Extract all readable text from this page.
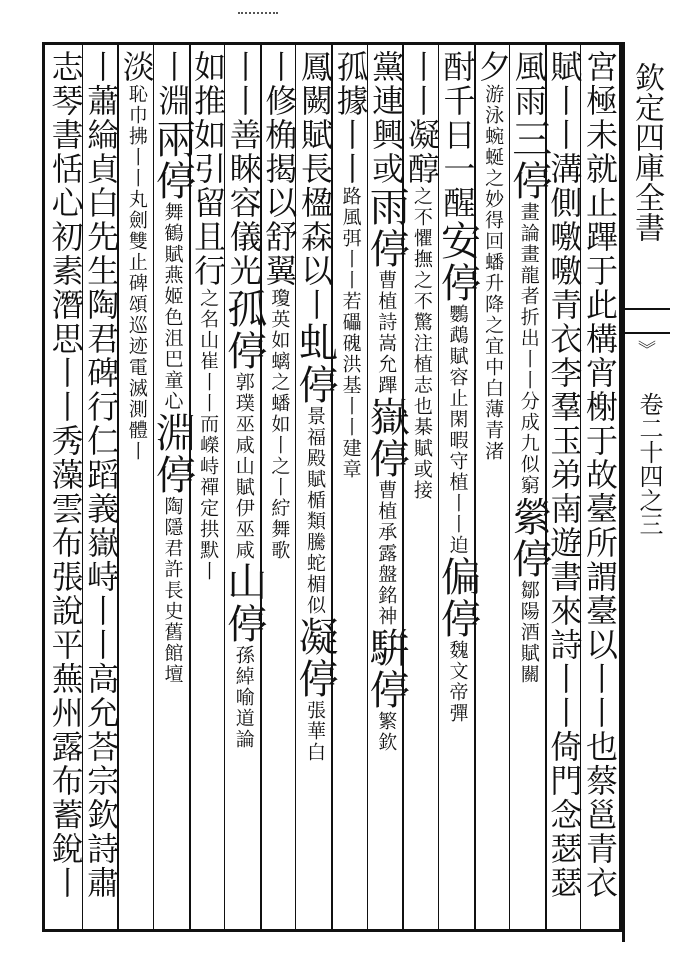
欽定四庫全書
︾
卷二十四之三
宮極未就止蹕于此構宵榭于故臺所謂臺以丨丨也蔡邕青衣
賦丨丨溝側噭噭青衣李羣玉弟南遊書來詩丨丨倚門念瑟瑟
風雨三停畫論畫龍者折出丨丨分成九似窮縈停鄒陽酒賦關
夕游泳蜿蜒之妙得回蟠升降之宜中白薄青渚
酎千日一醒安停鸚鵡賦容止閑暇守植丨丨迫偏停魏文帝彈
丨丨凝醇之不懼撫之不驚注植志也棊賦或接
黨連興或雨停曹植詩嵩允蹕嶽停曹植承露盤銘神騈停繁欽
孤據丨丨路風弭丨丨若礧磈洪基丨丨建章
鳳闕賦長楹森以丨虬停景福殿賦楯類騰蛇楣似凝停張華白
丨修桷揭以舒翼瓊英如螭之蟠如丨之丨紵舞歌
丨丨善睞容儀光孤停郭璞巫咸山賦伊巫咸山停孫綽喻道論
如推如引留且行之名山崔丨丨而嶸峙禪定拱默丨
丨淵兩停舞鶴賦燕姬色沮巴童心淵停陶隱君許長史舊館壇
淡恥巾拂丨丨丸劍雙止碑頌巡迹電滅測體丨
丨蕭綸貞白先生陶君碑行仁蹈義嶽峙丨丨高允荅宗欽詩肅
志琴書恬心初素潛思丨丨秀藻雲布張說平蕪州露布蓄銳丨
